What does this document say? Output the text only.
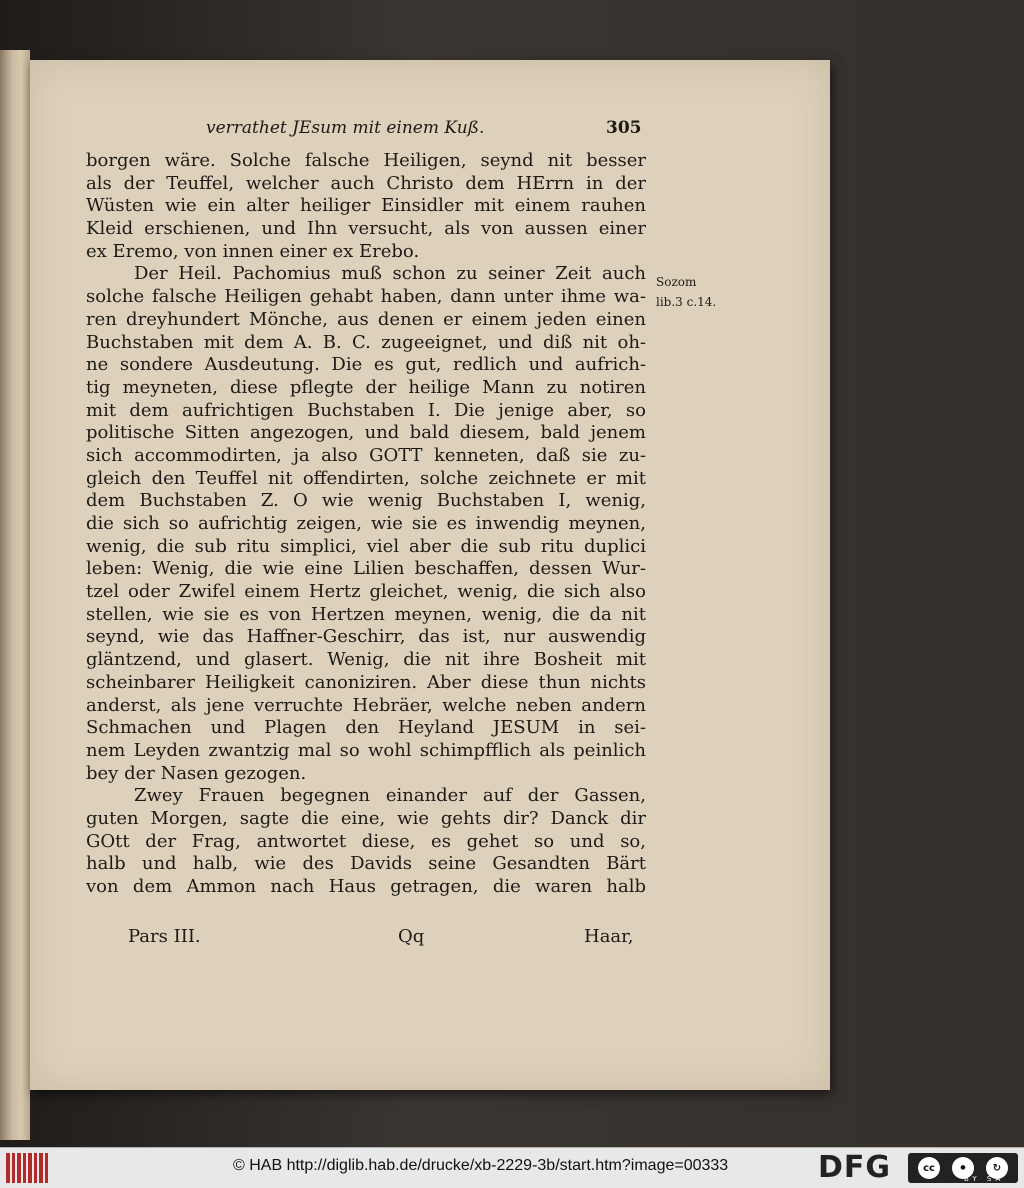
verrathet JEsum mit einem Kuß.	305
borgen wäre. Solche falsche Heiligen, seynd nit besser
als der Teuffel, welcher auch Christo dem HErrn in der
Wüsten wie ein alter heiliger Einsidler mit einem rauhen
Kleid erschienen, und Ihn versucht, als von aussen einer
ex Eremo, von innen einer ex Erebo.
Der Heil. Pachomius muß schon zu seiner Zeit auch
solche falsche Heiligen gehabt haben, dann unter ihme wa-
ren dreyhundert Mönche, aus denen er einem jeden einen
Buchstaben mit dem A. B. C. zugeeignet, und diß nit oh-
ne sondere Ausdeutung. Die es gut, redlich und aufrich-
tig meyneten, diese pflegte der heilige Mann zu notiren
mit dem aufrichtigen Buchstaben I. Die jenige aber, so
politische Sitten angezogen, und bald diesem, bald jenem
sich accommodirten, ja also GOTT kenneten, daß sie zu-
gleich den Teuffel nit offendirten, solche zeichnete er mit
dem Buchstaben Z. O wie wenig Buchstaben I, wenig,
die sich so aufrichtig zeigen, wie sie es inwendig meynen,
wenig, die sub ritu simplici, viel aber die sub ritu duplici
leben: Wenig, die wie eine Lilien beschaffen, dessen Wur-
tzel oder Zwifel einem Hertz gleichet, wenig, die sich also
stellen, wie sie es von Hertzen meynen, wenig, die da nit
seynd, wie das Haffner-Geschirr, das ist, nur auswendig
gläntzend, und glasert. Wenig, die nit ihre Bosheit mit
scheinbarer Heiligkeit canoniziren. Aber diese thun nichts
anderst, als jene verruchte Hebräer, welche neben andern
Schmachen und Plagen den Heyland JESUM in sei-
nem Leyden zwantzig mal so wohl schimpfflich als peinlich
bey der Nasen gezogen.
Zwey Frauen begegnen einander auf der Gassen,
guten Morgen, sagte die eine, wie gehts dir? Danck dir
GOtt der Frag, antwortet diese, es gehet so und so,
halb und halb, wie des Davids seine Gesandten Bärt
von dem Ammon nach Haus getragen, die waren halb
Sozom
lib.3 c.14.
Pars III.	Qq	Haar,
© HAB http://diglib.hab.de/drucke/xb-2229-3b/start.htm?image=00333	DFG	cc	⚫	↻
BY SA
